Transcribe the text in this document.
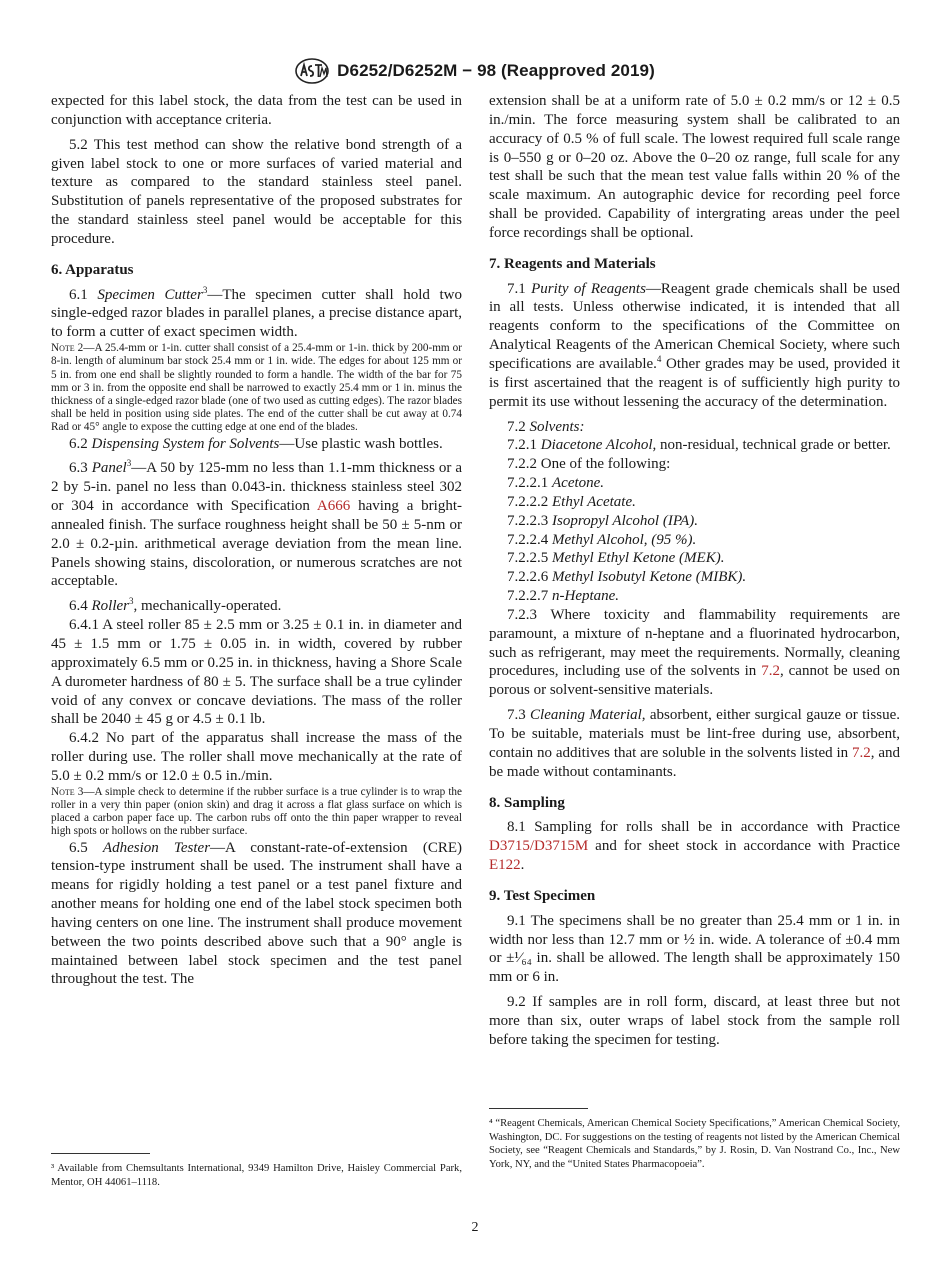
D6252/D6252M − 98 (Reapproved 2019)

expected for this label stock, the data from the test can be used in conjunction with acceptance criteria.

5.2 This test method can show the relative bond strength of a given label stock to one or more surfaces of varied material and texture as compared to the standard stainless steel panel. Substitution of panels representative of the proposed substrates for the standard stainless steel panel would be acceptable for this procedure.

6. Apparatus

6.1 Specimen Cutter$^3$—The specimen cutter shall hold two single-edged razor blades in parallel planes, a precise distance apart, to form a cutter of exact specimen width.

Note 2—A 25.4-mm or 1-in. cutter shall consist of a 25.4-mm or 1-in. thick by 200-mm or 8-in. length of aluminum bar stock 25.4 mm or 1 in. wide. The edges for about 125 mm or 5 in. from one end shall be slightly rounded to form a handle. The width of the bar for 75 mm or 3 in. from the opposite end shall be narrowed to exactly 25.4 mm or 1 in. minus the thickness of a single-edged razor blade (one of two used as cutting edges). The razor blades shall be held in position using side plates. The end of the cutter shall be cut away at 0.74 Rad or 45° angle to expose the cutting edge at one end of the blades.

6.2 Dispensing System for Solvents—Use plastic wash bottles.

6.3 Panel$^3$—A 50 by 125-mm no less than 1.1-mm thickness or a 2 by 5-in. panel no less than 0.043-in. thickness stainless steel 302 or 304 in accordance with Specification A666 having a bright-annealed finish. The surface roughness height shall be 50 ± 5-nm or 2.0 ± 0.2-µin. arithmetical average deviation from the mean line. Panels showing stains, discoloration, or numerous scratches are not acceptable.

6.4 Roller$^3$, mechanically-operated.

6.4.1 A steel roller 85 ± 2.5 mm or 3.25 ± 0.1 in. in diameter and 45 ± 1.5 mm or 1.75 ± 0.05 in. in width, covered by rubber approximately 6.5 mm or 0.25 in. in thickness, having a Shore Scale A durometer hardness of 80 ± 5. The surface shall be a true cylinder void of any convex or concave deviations. The mass of the roller shall be 2040 ± 45 g or 4.5 ± 0.1 lb.

6.4.2 No part of the apparatus shall increase the mass of the roller during use. The roller shall move mechanically at the rate of 5.0 ± 0.2 mm/s or 12.0 ± 0.5 in./min.

Note 3—A simple check to determine if the rubber surface is a true cylinder is to wrap the roller in a very thin paper (onion skin) and drag it across a flat glass surface on which is placed a carbon paper face up. The carbon rubs off onto the thin paper wrapper to reveal high spots or hollows on the rubber surface.

6.5 Adhesion Tester—A constant-rate-of-extension (CRE) tension-type instrument shall be used. The instrument shall have a means for rigidly holding a test panel or a test panel fixture and another means for holding one end of the label stock specimen both having centers on one line. The instrument shall produce movement between the two points described above such that a 90° angle is maintained between label stock specimen and the test panel throughout the test. The

³ Available from Chemsultants International, 9349 Hamilton Drive, Haisley Commercial Park, Mentor, OH 44061–1118.

extension shall be at a uniform rate of 5.0 ± 0.2 mm/s or 12 ± 0.5 in./min. The force measuring system shall be calibrated to an accuracy of 0.5 % of full scale. The lowest required full scale range is 0–550 g or 0–20 oz. Above the 0–20 oz range, full scale for any test shall be such that the mean test value falls within 20 % of the scale maximum. An autographic device for recording peel force shall be provided. Capability of intergrating areas under the peel force recordings shall be optional.

7. Reagents and Materials

7.1 Purity of Reagents—Reagent grade chemicals shall be used in all tests. Unless otherwise indicated, it is intended that all reagents conform to the specifications of the Committee on Analytical Reagents of the American Chemical Society, where such specifications are available.$^4$ Other grades may be used, provided it is first ascertained that the reagent is of sufficiently high purity to permit its use without lessening the accuracy of the determination.

7.2 Solvents:

7.2.1 Diacetone Alcohol, non-residual, technical grade or better.

7.2.2 One of the following:

7.2.2.1 Acetone.

7.2.2.2 Ethyl Acetate.

7.2.2.3 Isopropyl Alcohol (IPA).

7.2.2.4 Methyl Alcohol, (95 %).

7.2.2.5 Methyl Ethyl Ketone (MEK).

7.2.2.6 Methyl Isobutyl Ketone (MIBK).

7.2.2.7 n-Heptane.

7.2.3 Where toxicity and flammability requirements are paramount, a mixture of n-heptane and a fluorinated hydrocarbon, such as refrigerant, may meet the requirements. Normally, cleaning procedures, including use of the solvents in 7.2, cannot be used on porous or solvent-sensitive materials.

7.3 Cleaning Material, absorbent, either surgical gauze or tissue. To be suitable, materials must be lint-free during use, absorbent, contain no additives that are soluble in the solvents listed in 7.2, and be made without contaminants.

8. Sampling

8.1 Sampling for rolls shall be in accordance with Practice D3715/D3715M and for sheet stock in accordance with Practice E122.

9. Test Specimen

9.1 The specimens shall be no greater than 25.4 mm or 1 in. in width nor less than 12.7 mm or ½ in. wide. A tolerance of ±0.4 mm or ±¹⁄₆₄ in. shall be allowed. The length shall be approximately 150 mm or 6 in.

9.2 If samples are in roll form, discard, at least three but not more than six, outer wraps of label stock from the sample roll before taking the specimen for testing.

⁴ “Reagent Chemicals, American Chemical Society Specifications,” American Chemical Society, Washington, DC. For suggestions on the testing of reagents not listed by the American Chemical Society, see “Reagent Chemicals and Standards,” by J. Rosin, D. Van Nostrand Co., Inc., New York, NY, and the “United States Pharmacopoeia”.
2
